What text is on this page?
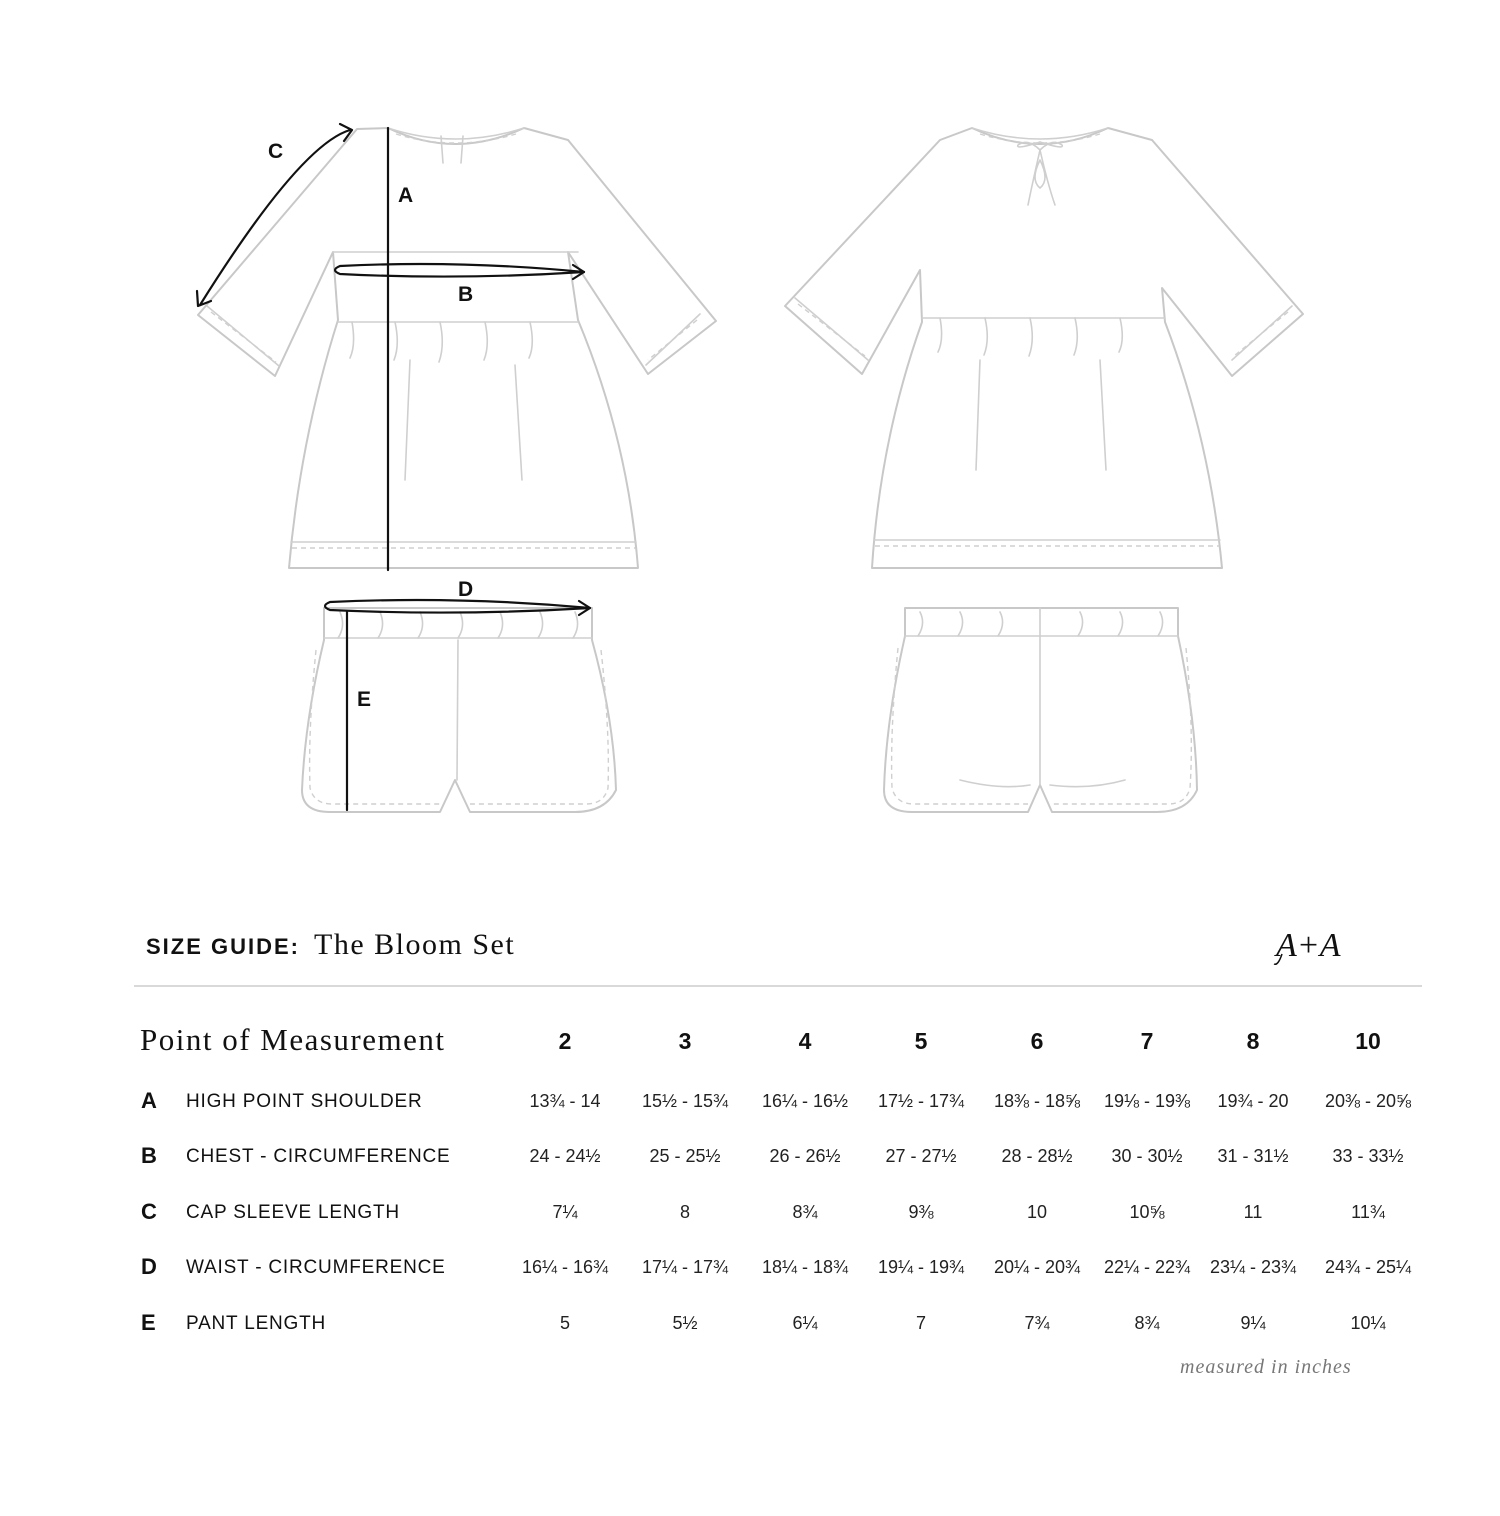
C
A
B
D
E
SIZE GUIDE: The Bloom Set	A+A
Point of Measurement	2	3	4	5	6	7	8	10
A HIGH POINT SHOULDER	13¾ - 14	15½ - 15¾	16¼ - 16½	17½ - 17¾	18⅜ - 18⅝	19⅛ - 19⅜	19¾ - 20	20⅜ - 20⅝
B CHEST - CIRCUMFERENCE	24 - 24½	25 - 25½	26 - 26½	27 - 27½	28 - 28½	30 - 30½	31 - 31½	33 - 33½
C CAP SLEEVE LENGTH	7¼	8	8¾	9⅜	10	10⅝	11	11¾
D WAIST - CIRCUMFERENCE	16¼ - 16¾	17¼ - 17¾	18¼ - 18¾	19¼ - 19¾	20¼ - 20¾	22¼ - 22¾	23¼ - 23¾	24¾ - 25¼
E PANT LENGTH	5	5½	6¼	7	7¾	8¾	9¼	10¼
measured in inches
